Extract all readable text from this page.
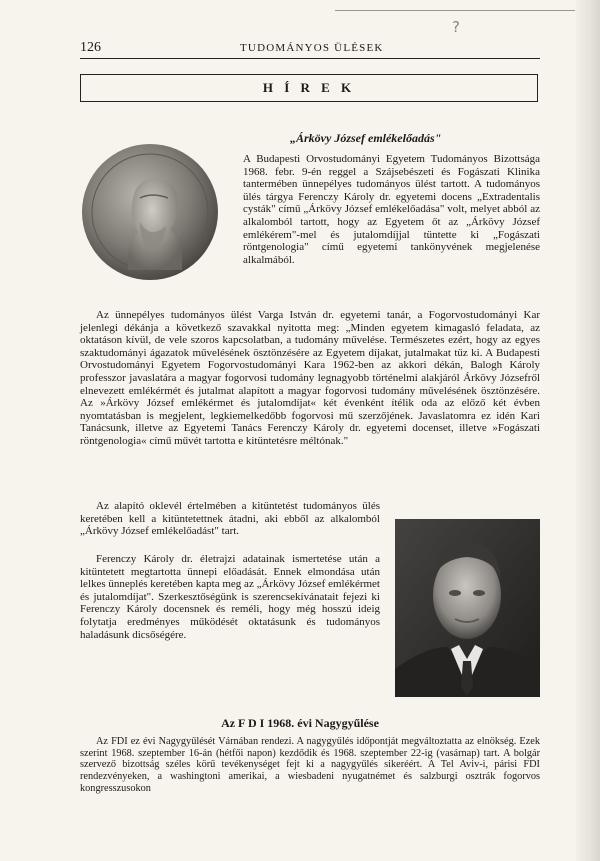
?
126	TUDOMÁNYOS ÜLÉSEK
H Í R E K
„Árkövy József emlékelőadás"

A Budapesti Orvostudományi Egyetem Tudományos Bizottsága 1968. febr. 9-én reggel a Szájsebészeti és Fogászati Klinika tantermében ünnepélyes tudományos ülést tartott. A tudományos ülés tárgya Ferenczy Károly dr. egyetemi docens „Extradentalis cysták" című „Árkövy József emlékelőadása" volt, melyet abból az alkalomból tartott, hogy az Egyetem őt az „Árkövy József emlékérem"-mel és jutalomdíjjal tüntette ki „Fogászati röntgenologia" című egyetemi tankönyvének megjelenése alkalmából.

Az ünnepélyes tudományos ülést Varga István dr. egyetemi tanár, a Fogorvostudományi Kar jelenlegi dékánja a következő szavakkal nyitotta meg: „Minden egyetem kimagasló feladata, az oktatáson kívül, de vele szoros kapcsolatban, a tudomány művelése. Természetes ezért, hogy az egyes szaktudományi ágazatok művelésének ösztönzésére az Egyetem díjakat, jutalmakat tűz ki. A Budapesti Orvostudományi Egyetem Fogorvostudományi Kara 1962-ben az akkori dékán, Balogh Károly professzor javaslatára a magyar fogorvosi tudomány legnagyobb történelmi alakjáról Árkövy Józsefről elnevezett emlékérmét és jutalmat alapított a magyar fogorvosi tudomány művelésének ösztönzésére. Az »Árkövy József emlékérmet és jutalomdíjat« két évenként ítélik oda az előző két évben nyomtatásban is megjelent, legkiemelkedőbb fogorvosi mű szerzőjének. Javaslatomra ez idén Kari Tanácsunk, illetve az Egyetemi Tanács Ferenczy Károly dr. egyetemi docenset, illetve »Fogászati röntgenologia« című művét tartotta e kitüntetésre méltónak."

Az alapító oklevél értelmében a kitüntetést tudományos ülés keretében kell a kitüntetettnek átadni, aki ebből az alkalomból „Árkövy József emlékelőadást" tart.

Ferenczy Károly dr. életrajzi adatainak ismertetése után a kitüntetett megtartotta ünnepi előadását. Ennek elmondása után lelkes ünneplés keretében kapta meg az „Árkövy József emlékérmet és jutalomdíjat". Szerkesztőségünk is szerencsekívánatait fejezi ki Ferenczy Károly docensnek és reméli, hogy még hosszú ideig folytatja eredményes működését oktatásunk és tudományos haladásunk dicsőségére.

Az F D I 1968. évi Nagygyűlése

Az FDI ez évi Nagygyűlését Várnában rendezi. A nagygyűlés időpontját megváltoztatta az elnökség. Ezek szerint 1968. szeptember 16-án (hétfői napon) kezdődik és 1968. szeptember 22-ig (vasárnap) tart. A bolgár szervező bizottság széles körű tevékenységet fejt ki a nagygyűlés sikeréért. A Tel Aviv-i, párisi FDI rendezvényeken, a washingtoni amerikai, a wiesbadeni nyugatnémet és salzburgi osztrák fogorvos kongresszusokon
